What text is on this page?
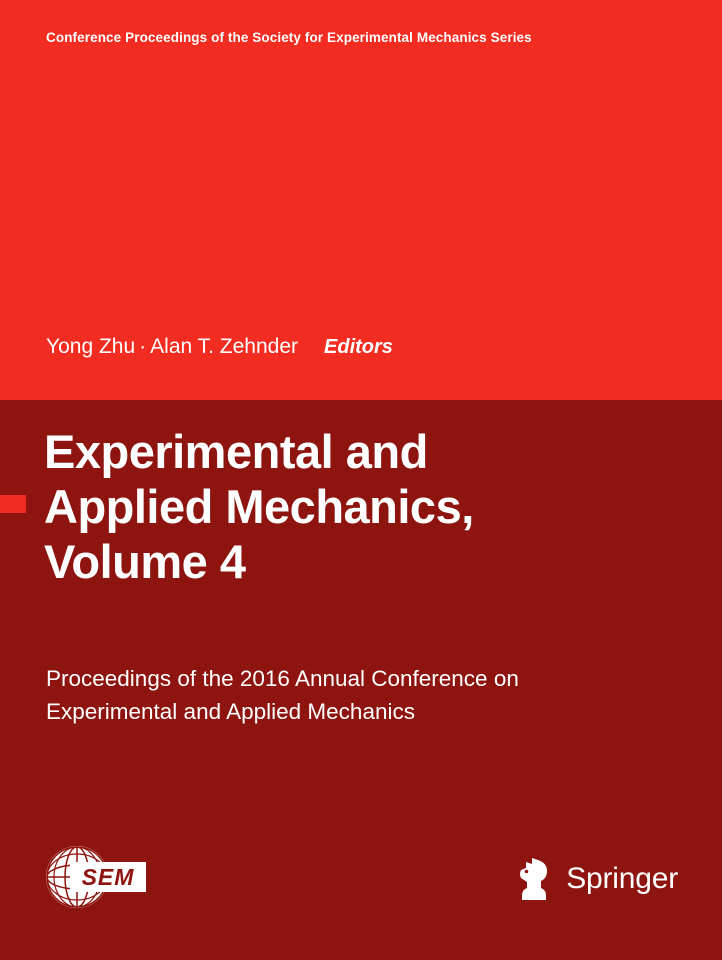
Conference Proceedings of the Society for Experimental Mechanics Series
Yong Zhu · Alan T. Zehnder Editors
Experimental and
Applied Mechanics,
Volume 4
Proceedings of the 2016 Annual Conference on
Experimental and Applied Mechanics
SEM	Springer
